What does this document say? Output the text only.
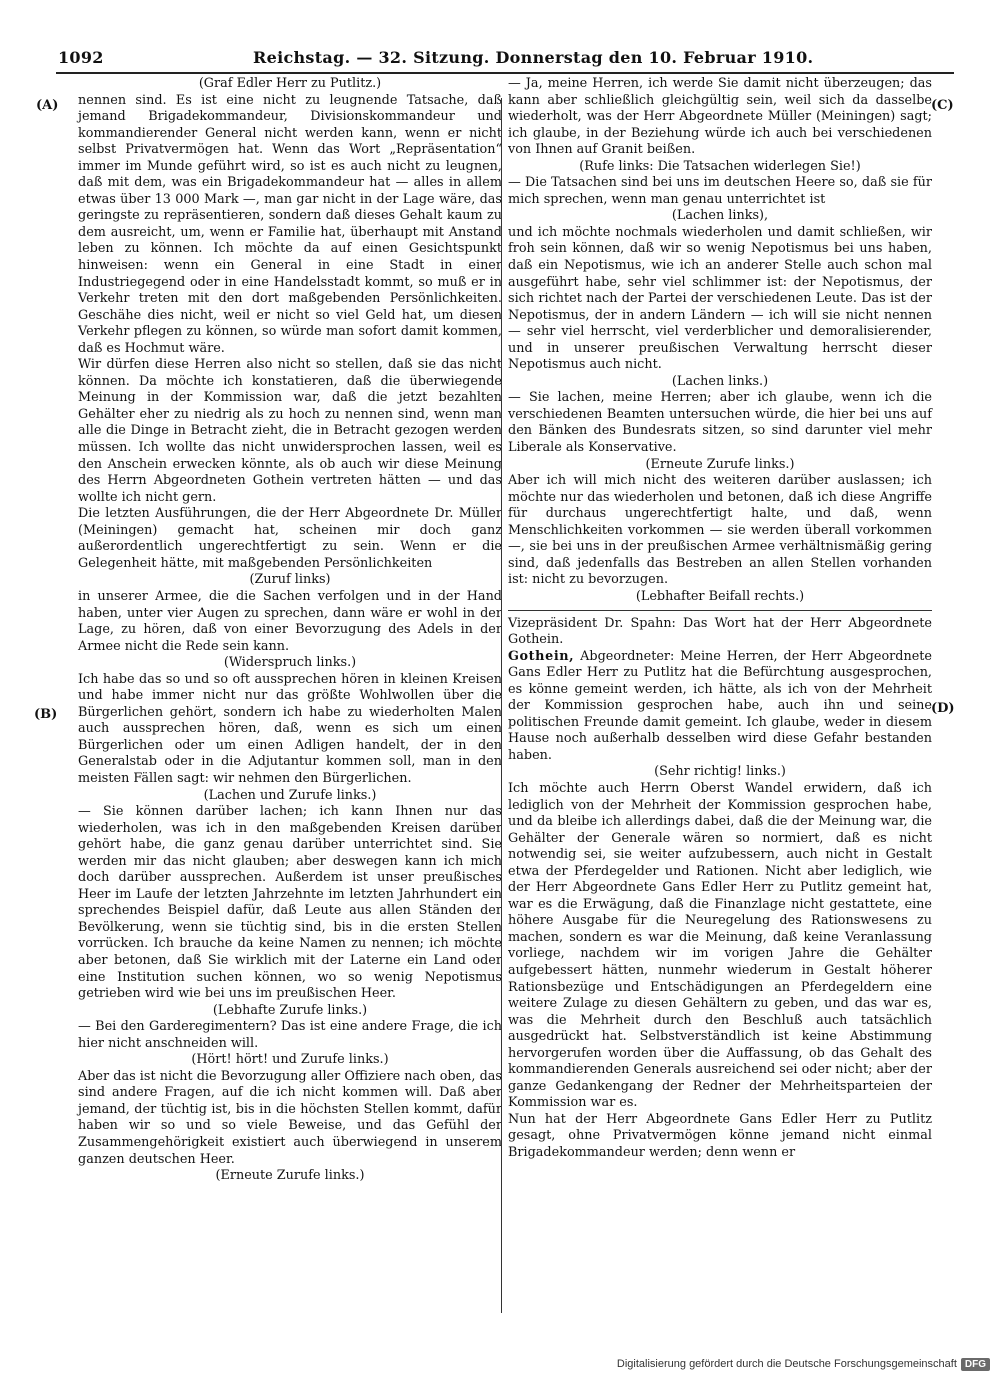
1092	Reichstag. — 32. Sitzung. Donnerstag den 10. Februar 1910.
(A)
(B)
(C)
(D)

(Graf Edler Herr zu Putlitz.)

nennen sind. Es ist eine nicht zu leugnende Tatsache, daß jemand Brigadekommandeur, Divisionskommandeur und kommandierender General nicht werden kann, wenn er nicht selbst Privatvermögen hat. Wenn das Wort „Repräsentation“ immer im Munde geführt wird, so ist es auch nicht zu leugnen, daß mit dem, was ein Brigadekommandeur hat — alles in allem etwas über 13 000 Mark —, man gar nicht in der Lage wäre, das geringste zu repräsentieren, sondern daß dieses Gehalt kaum zu dem ausreicht, um, wenn er Familie hat, überhaupt mit Anstand leben zu können. Ich möchte da auf einen Gesichtspunkt hinweisen: wenn ein General in eine Stadt in einer Industriegegend oder in eine Handelsstadt kommt, so muß er in Verkehr treten mit den dort maßgebenden Persönlichkeiten. Geschähe dies nicht, weil er nicht so viel Geld hat, um diesen Verkehr pflegen zu können, so würde man sofort damit kommen, daß es Hochmut wäre.

Wir dürfen diese Herren also nicht so stellen, daß sie das nicht können. Da möchte ich konstatieren, daß die überwiegende Meinung in der Kommission war, daß die jetzt bezahlten Gehälter eher zu niedrig als zu hoch zu nennen sind, wenn man alle die Dinge in Betracht zieht, die in Betracht gezogen werden müssen. Ich wollte das nicht unwidersprochen lassen, weil es den Anschein erwecken könnte, als ob auch wir diese Meinung des Herrn Abgeordneten Gothein vertreten hätten — und das wollte ich nicht gern.

Die letzten Ausführungen, die der Herr Abgeordnete Dr. Müller (Meiningen) gemacht hat, scheinen mir doch ganz außerordentlich ungerechtfertigt zu sein. Wenn er die Gelegenheit hätte, mit maßgebenden Persönlichkeiten

(Zuruf links)

in unserer Armee, die die Sachen verfolgen und in der Hand haben, unter vier Augen zu sprechen, dann wäre er wohl in der Lage, zu hören, daß von einer Bevorzugung des Adels in der Armee nicht die Rede sein kann.

(Widerspruch links.)

Ich habe das so und so oft aussprechen hören in kleinen Kreisen und habe immer nicht nur das größte Wohlwollen über die Bürgerlichen gehört, sondern ich habe zu wiederholten Malen auch aussprechen hören, daß, wenn es sich um einen Bürgerlichen oder um einen Adligen handelt, der in den Generalstab oder in die Adjutantur kommen soll, man in den meisten Fällen sagt: wir nehmen den Bürgerlichen.

(Lachen und Zurufe links.)

— Sie können darüber lachen; ich kann Ihnen nur das wiederholen, was ich in den maßgebenden Kreisen darüber gehört habe, die ganz genau darüber unterrichtet sind. Sie werden mir das nicht glauben; aber deswegen kann ich mich doch darüber aussprechen. Außerdem ist unser preußisches Heer im Laufe der letzten Jahrzehnte im letzten Jahrhundert ein sprechendes Beispiel dafür, daß Leute aus allen Ständen der Bevölkerung, wenn sie tüchtig sind, bis in die ersten Stellen vorrücken. Ich brauche da keine Namen zu nennen; ich möchte aber betonen, daß Sie wirklich mit der Laterne ein Land oder eine Institution suchen können, wo so wenig Nepotismus getrieben wird wie bei uns im preußischen Heer.

(Lebhafte Zurufe links.)

— Bei den Garderegimentern? Das ist eine andere Frage, die ich hier nicht anschneiden will.

(Hört! hört! und Zurufe links.)

Aber das ist nicht die Bevorzugung aller Offiziere nach oben, das sind andere Fragen, auf die ich nicht kommen will. Daß aber jemand, der tüchtig ist, bis in die höchsten Stellen kommt, dafür haben wir so und so viele Beweise, und das Gefühl der Zusammengehörigkeit existiert auch überwiegend in unserem ganzen deutschen Heer.

(Erneute Zurufe links.)

— Ja, meine Herren, ich werde Sie damit nicht überzeugen; das kann aber schließlich gleichgültig sein, weil sich da dasselbe wiederholt, was der Herr Abgeordnete Müller (Meiningen) sagt; ich glaube, in der Beziehung würde ich auch bei verschiedenen von Ihnen auf Granit beißen.

(Rufe links: Die Tatsachen widerlegen Sie!)

— Die Tatsachen sind bei uns im deutschen Heere so, daß sie für mich sprechen, wenn man genau unterrichtet ist

(Lachen links),

und ich möchte nochmals wiederholen und damit schließen, wir froh sein können, daß wir so wenig Nepotismus bei uns haben, daß ein Nepotismus, wie ich an anderer Stelle auch schon mal ausgeführt habe, sehr viel schlimmer ist: der Nepotismus, der sich richtet nach der Partei der verschiedenen Leute. Das ist der Nepotismus, der in andern Ländern — ich will sie nicht nennen — sehr viel herrscht, viel verderblicher und demoralisierender, und in unserer preußischen Verwaltung herrscht dieser Nepotismus auch nicht.

(Lachen links.)

— Sie lachen, meine Herren; aber ich glaube, wenn ich die verschiedenen Beamten untersuchen würde, die hier bei uns auf den Bänken des Bundesrats sitzen, so sind darunter viel mehr Liberale als Konservative.

(Erneute Zurufe links.)

Aber ich will mich nicht des weiteren darüber auslassen; ich möchte nur das wiederholen und betonen, daß ich diese Angriffe für durchaus ungerechtfertigt halte, und daß, wenn Menschlichkeiten vorkommen — sie werden überall vorkommen —, sie bei uns in der preußischen Armee verhältnismäßig gering sind, daß jedenfalls das Bestreben an allen Stellen vorhanden ist: nicht zu bevorzugen.

(Lebhafter Beifall rechts.)

Vizepräsident Dr. Spahn: Das Wort hat der Herr Abgeordnete Gothein.

Gothein, Abgeordneter: Meine Herren, der Herr Abgeordnete Gans Edler Herr zu Putlitz hat die Befürchtung ausgesprochen, es könne gemeint werden, ich hätte, als ich von der Mehrheit der Kommission gesprochen habe, auch ihn und seine politischen Freunde damit gemeint. Ich glaube, weder in diesem Hause noch außerhalb desselben wird diese Gefahr bestanden haben.

(Sehr richtig! links.)

Ich möchte auch Herrn Oberst Wandel erwidern, daß ich lediglich von der Mehrheit der Kommission gesprochen habe, und da bleibe ich allerdings dabei, daß die der Meinung war, die Gehälter der Generale wären so normiert, daß es nicht notwendig sei, sie weiter aufzubessern, auch nicht in Gestalt etwa der Pferdegelder und Rationen. Nicht aber lediglich, wie der Herr Abgeordnete Gans Edler Herr zu Putlitz gemeint hat, war es die Erwägung, daß die Finanzlage nicht gestattete, eine höhere Ausgabe für die Neuregelung des Rationswesens zu machen, sondern es war die Meinung, daß keine Veranlassung vorliege, nachdem wir im vorigen Jahre die Gehälter aufgebessert hätten, nunmehr wiederum in Gestalt höherer Rationsbezüge und Entschädigungen an Pferdegeldern eine weitere Zulage zu diesen Gehältern zu geben, und das war es, was die Mehrheit durch den Beschluß auch tatsächlich ausgedrückt hat. Selbstverständlich ist keine Abstimmung hervorgerufen worden über die Auffassung, ob das Gehalt des kommandierenden Generals ausreichend sei oder nicht; aber der ganze Gedankengang der Redner der Mehrheitsparteien der Kommission war es.

Nun hat der Herr Abgeordnete Gans Edler Herr zu Putlitz gesagt, ohne Privatvermögen könne jemand nicht einmal Brigadekommandeur werden; denn wenn er

Digitalisierung gefördert durch die Deutsche Forschungsgemeinschaft DFG
